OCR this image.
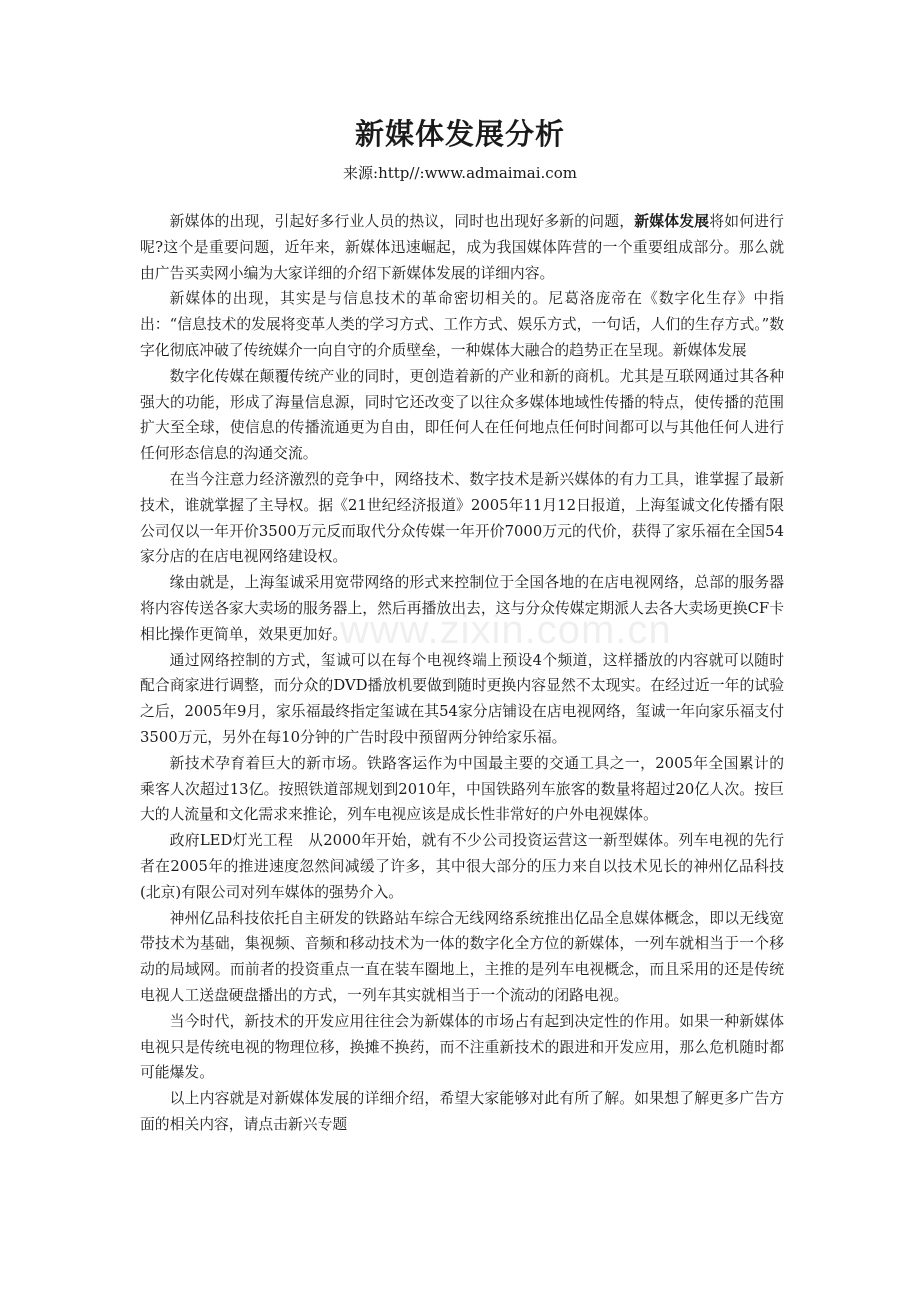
www.zixin.com.cn
新媒体发展分析
来源:http//:www.admaimai.com

新媒体的出现，引起好多行业人员的热议，同时也出现好多新的问题，新媒体发展将如何进行呢?这个是重要问题，近年来，新媒体迅速崛起，成为我国媒体阵营的一个重要组成部分。那么就由广告买卖网小编为大家详细的介绍下新媒体发展的详细内容。

新媒体的出现，其实是与信息技术的革命密切相关的。尼葛洛庞帝在《数字化生存》中指出：“信息技术的发展将变革人类的学习方式、工作方式、娱乐方式，一句话，人们的生存方式。”数字化彻底冲破了传统媒介一向自守的介质壁垒，一种媒体大融合的趋势正在呈现。新媒体发展

数字化传媒在颠覆传统产业的同时，更创造着新的产业和新的商机。尤其是互联网通过其各种强大的功能，形成了海量信息源，同时它还改变了以往众多媒体地域性传播的特点，使传播的范围扩大至全球，使信息的传播流通更为自由，即任何人在任何地点任何时间都可以与其他任何人进行任何形态信息的沟通交流。

在当今注意力经济激烈的竞争中，网络技术、数字技术是新兴媒体的有力工具，谁掌握了最新技术，谁就掌握了主导权。据《21世纪经济报道》2005年11月12日报道，上海玺诚文化传播有限公司仅以一年开价3500万元反而取代分众传媒一年开价7000万元的代价，获得了家乐福在全国54家分店的在店电视网络建设权。

缘由就是，上海玺诚采用宽带网络的形式来控制位于全国各地的在店电视网络，总部的服务器将内容传送各家大卖场的服务器上，然后再播放出去，这与分众传媒定期派人去各大卖场更换CF卡相比操作更简单，效果更加好。

通过网络控制的方式，玺诚可以在每个电视终端上预设4个频道，这样播放的内容就可以随时配合商家进行调整，而分众的DVD播放机要做到随时更换内容显然不太现实。在经过近一年的试验之后，2005年9月，家乐福最终指定玺诚在其54家分店铺设在店电视网络，玺诚一年向家乐福支付3500万元，另外在每10分钟的广告时段中预留两分钟给家乐福。

新技术孕育着巨大的新市场。铁路客运作为中国最主要的交通工具之一，2005年全国累计的乘客人次超过13亿。按照铁道部规划到2010年，中国铁路列车旅客的数量将超过20亿人次。按巨大的人流量和文化需求来推论，列车电视应该是成长性非常好的户外电视媒体。

政府LED灯光工程　从2000年开始，就有不少公司投资运营这一新型媒体。列车电视的先行者在2005年的推进速度忽然间减缓了许多，其中很大部分的压力来自以技术见长的神州亿品科技(北京)有限公司对列车媒体的强势介入。

神州亿品科技依托自主研发的铁路站车综合无线网络系统推出亿品全息媒体概念，即以无线宽带技术为基础，集视频、音频和移动技术为一体的数字化全方位的新媒体，一列车就相当于一个移动的局域网。而前者的投资重点一直在装车圈地上，主推的是列车电视概念，而且采用的还是传统电视人工送盘硬盘播出的方式，一列车其实就相当于一个流动的闭路电视。

当今时代，新技术的开发应用往往会为新媒体的市场占有起到决定性的作用。如果一种新媒体电视只是传统电视的物理位移，换摊不换药，而不注重新技术的跟进和开发应用，那么危机随时都可能爆发。

以上内容就是对新媒体发展的详细介绍，希望大家能够对此有所了解。如果想了解更多广告方面的相关内容，请点击新兴专题
